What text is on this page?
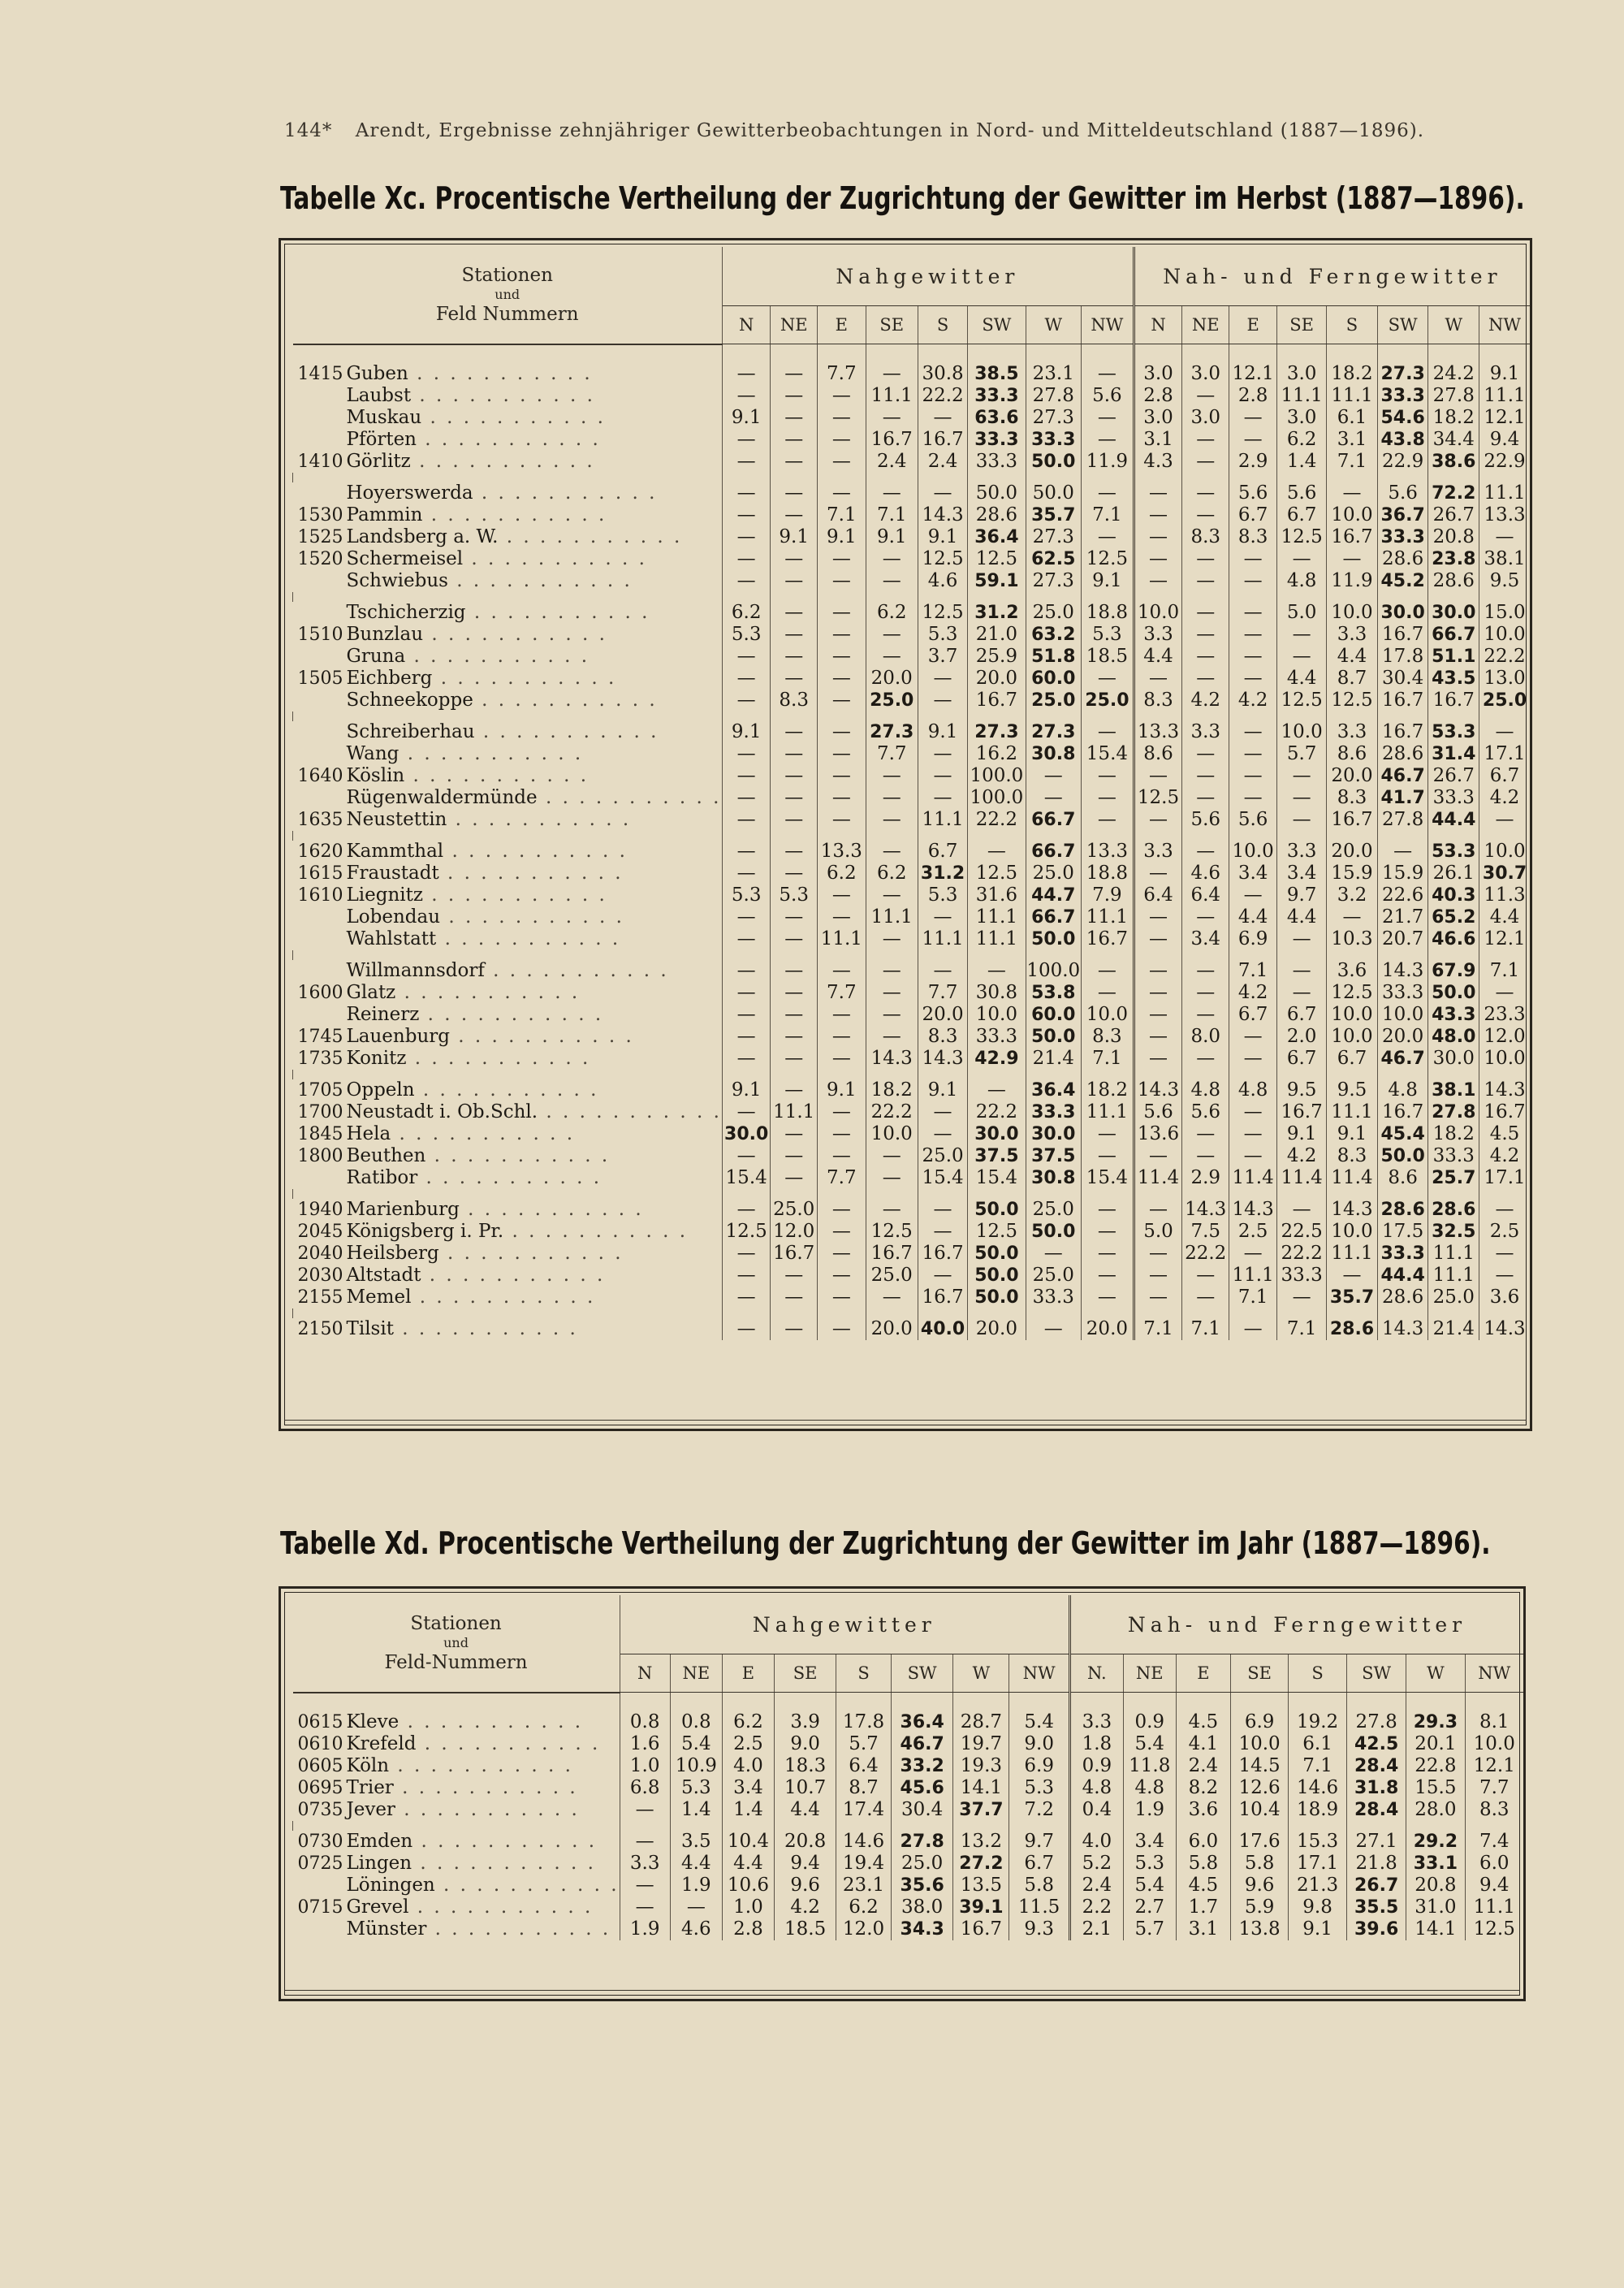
144* Arendt, Ergebnisse zehnjähriger Gewitterbeobachtungen in Nord- und Mitteldeutschland (1887—1896).
Tabelle Xc. Procentische Vertheilung der Zugrichtung der Gewitter im Herbst (1887—1896).
Stationen
und
Feld Nummern	Nahgewitter								Nah- und Ferngewitter							
	N	NE	E	SE	S	SW	W	NW	N	NE	E	SE	S	SW	W	NW
1415 Guben . . . . . . . . . . .	—	—	7.7	—	30.8	38.5	23.1	—	3.0	3.0	12.1	3.0	18.2	27.3	24.2	9.1
Laubst . . . . . . . . . . .	—	—	—	11.1	22.2	33.3	27.8	5.6	2.8	—	2.8	11.1	11.1	33.3	27.8	11.1
Muskau . . . . . . . . . . .	9.1	—	—	—	—	63.6	27.3	—	3.0	3.0	—	3.0	6.1	54.6	18.2	12.1
Pförten . . . . . . . . . . .	—	—	—	16.7	16.7	33.3	33.3	—	3.1	—	—	6.2	3.1	43.8	34.4	9.4
1410 Görlitz . . . . . . . . . . .	—	—	—	2.4	2.4	33.3	50.0	11.9	4.3	—	2.9	1.4	7.1	22.9	38.6	22.9

Hoyerswerda . . . . . . . . . . .	—	—	—	—	—	50.0	50.0	—	—	—	5.6	5.6	—	5.6	72.2	11.1
1530 Pammin . . . . . . . . . . .	—	—	7.1	7.1	14.3	28.6	35.7	7.1	—	—	6.7	6.7	10.0	36.7	26.7	13.3
1525 Landsberg a. W. . . . . . . . . . . .	—	9.1	9.1	9.1	9.1	36.4	27.3	—	—	8.3	8.3	12.5	16.7	33.3	20.8	—
1520 Schermeisel . . . . . . . . . . .	—	—	—	—	12.5	12.5	62.5	12.5	—	—	—	—	—	28.6	23.8	38.1
Schwiebus . . . . . . . . . . .	—	—	—	—	4.6	59.1	27.3	9.1	—	—	—	4.8	11.9	45.2	28.6	9.5

Tschicherzig . . . . . . . . . . .	6.2	—	—	6.2	12.5	31.2	25.0	18.8	10.0	—	—	5.0	10.0	30.0	30.0	15.0
1510 Bunzlau . . . . . . . . . . .	5.3	—	—	—	5.3	21.0	63.2	5.3	3.3	—	—	—	3.3	16.7	66.7	10.0
Gruna . . . . . . . . . . .	—	—	—	—	3.7	25.9	51.8	18.5	4.4	—	—	—	4.4	17.8	51.1	22.2
1505 Eichberg . . . . . . . . . . .	—	—	—	20.0	—	20.0	60.0	—	—	—	—	4.4	8.7	30.4	43.5	13.0
Schneekoppe . . . . . . . . . . .	—	8.3	—	25.0	—	16.7	25.0	25.0	8.3	4.2	4.2	12.5	12.5	16.7	16.7	25.0

Schreiberhau . . . . . . . . . . .	9.1	—	—	27.3	9.1	27.3	27.3	—	13.3	3.3	—	10.0	3.3	16.7	53.3	—
Wang . . . . . . . . . . .	—	—	—	7.7	—	16.2	30.8	15.4	8.6	—	—	5.7	8.6	28.6	31.4	17.1
1640 Köslin . . . . . . . . . . .	—	—	—	—	—	100.0	—	—	—	—	—	—	20.0	46.7	26.7	6.7
Rügenwaldermünde . . . . . . . . . . .	—	—	—	—	—	100.0	—	—	12.5	—	—	—	8.3	41.7	33.3	4.2
1635 Neustettin . . . . . . . . . . .	—	—	—	—	11.1	22.2	66.7	—	—	5.6	5.6	—	16.7	27.8	44.4	—

1620 Kammthal . . . . . . . . . . .	—	—	13.3	—	6.7	—	66.7	13.3	3.3	—	10.0	3.3	20.0	—	53.3	10.0
1615 Fraustadt . . . . . . . . . . .	—	—	6.2	6.2	31.2	12.5	25.0	18.8	—	4.6	3.4	3.4	15.9	15.9	26.1	30.7
1610 Liegnitz . . . . . . . . . . .	5.3	5.3	—	—	5.3	31.6	44.7	7.9	6.4	6.4	—	9.7	3.2	22.6	40.3	11.3
Lobendau . . . . . . . . . . .	—	—	—	11.1	—	11.1	66.7	11.1	—	—	4.4	4.4	—	21.7	65.2	4.4
Wahlstatt . . . . . . . . . . .	—	—	11.1	—	11.1	11.1	50.0	16.7	—	3.4	6.9	—	10.3	20.7	46.6	12.1

Willmannsdorf . . . . . . . . . . .	—	—	—	—	—	—	100.0	—	—	—	7.1	—	3.6	14.3	67.9	7.1
1600 Glatz . . . . . . . . . . .	—	—	7.7	—	7.7	30.8	53.8	—	—	—	4.2	—	12.5	33.3	50.0	—
Reinerz . . . . . . . . . . .	—	—	—	—	20.0	10.0	60.0	10.0	—	—	6.7	6.7	10.0	10.0	43.3	23.3
1745 Lauenburg . . . . . . . . . . .	—	—	—	—	8.3	33.3	50.0	8.3	—	8.0	—	2.0	10.0	20.0	48.0	12.0
1735 Konitz . . . . . . . . . . .	—	—	—	14.3	14.3	42.9	21.4	7.1	—	—	—	6.7	6.7	46.7	30.0	10.0

1705 Oppeln . . . . . . . . . . .	9.1	—	9.1	18.2	9.1	—	36.4	18.2	14.3	4.8	4.8	9.5	9.5	4.8	38.1	14.3
1700 Neustadt i. Ob.Schl. . . . . . . . . . . .	—	11.1	—	22.2	—	22.2	33.3	11.1	5.6	5.6	—	16.7	11.1	16.7	27.8	16.7
1845 Hela . . . . . . . . . . .	30.0	—	—	10.0	—	30.0	30.0	—	13.6	—	—	9.1	9.1	45.4	18.2	4.5
1800 Beuthen . . . . . . . . . . .	—	—	—	—	25.0	37.5	37.5	—	—	—	—	4.2	8.3	50.0	33.3	4.2
Ratibor . . . . . . . . . . .	15.4	—	7.7	—	15.4	15.4	30.8	15.4	11.4	2.9	11.4	11.4	11.4	8.6	25.7	17.1

1940 Marienburg . . . . . . . . . . .	—	25.0	—	—	—	50.0	25.0	—	—	14.3	14.3	—	14.3	28.6	28.6	—
2045 Königsberg i. Pr. . . . . . . . . . . .	12.5	12.0	—	12.5	—	12.5	50.0	—	5.0	7.5	2.5	22.5	10.0	17.5	32.5	2.5
2040 Heilsberg . . . . . . . . . . .	—	16.7	—	16.7	16.7	50.0	—	—	—	22.2	—	22.2	11.1	33.3	11.1	—
2030 Altstadt . . . . . . . . . . .	—	—	—	25.0	—	50.0	25.0	—	—	—	11.1	33.3	—	44.4	11.1	—
2155 Memel . . . . . . . . . . .	—	—	—	—	16.7	50.0	33.3	—	—	—	7.1	—	35.7	28.6	25.0	3.6

2150 Tilsit . . . . . . . . . . .	—	—	—	20.0	40.0	20.0	—	20.0	7.1	7.1	—	7.1	28.6	14.3	21.4	14.3
Tabelle Xd. Procentische Vertheilung der Zugrichtung der Gewitter im Jahr (1887—1896).
Stationen
und
Feld-Nummern	Nahgewitter								Nah- und Ferngewitter							
	N	NE	E	SE	S	SW	W	NW	N.	NE	E	SE	S	SW	W	NW
0615 Kleve . . . . . . . . . . .	0.8	0.8	6.2	3.9	17.8	36.4	28.7	5.4	3.3	0.9	4.5	6.9	19.2	27.8	29.3	8.1
0610 Krefeld . . . . . . . . . . .	1.6	5.4	2.5	9.0	5.7	46.7	19.7	9.0	1.8	5.4	4.1	10.0	6.1	42.5	20.1	10.0
0605 Köln . . . . . . . . . . .	1.0	10.9	4.0	18.3	6.4	33.2	19.3	6.9	0.9	11.8	2.4	14.5	7.1	28.4	22.8	12.1
0695 Trier . . . . . . . . . . .	6.8	5.3	3.4	10.7	8.7	45.6	14.1	5.3	4.8	4.8	8.2	12.6	14.6	31.8	15.5	7.7
0735 Jever . . . . . . . . . . .	—	1.4	1.4	4.4	17.4	30.4	37.7	7.2	0.4	1.9	3.6	10.4	18.9	28.4	28.0	8.3

0730 Emden . . . . . . . . . . .	—	3.5	10.4	20.8	14.6	27.8	13.2	9.7	4.0	3.4	6.0	17.6	15.3	27.1	29.2	7.4
0725 Lingen . . . . . . . . . . .	3.3	4.4	4.4	9.4	19.4	25.0	27.2	6.7	5.2	5.3	5.8	5.8	17.1	21.8	33.1	6.0
Löningen . . . . . . . . . . .	—	1.9	10.6	9.6	23.1	35.6	13.5	5.8	2.4	5.4	4.5	9.6	21.3	26.7	20.8	9.4
0715 Grevel . . . . . . . . . . .	—	—	1.0	4.2	6.2	38.0	39.1	11.5	2.2	2.7	1.7	5.9	9.8	35.5	31.0	11.1
Münster . . . . . . . . . . .	1.9	4.6	2.8	18.5	12.0	34.3	16.7	9.3	2.1	5.7	3.1	13.8	9.1	39.6	14.1	12.5
